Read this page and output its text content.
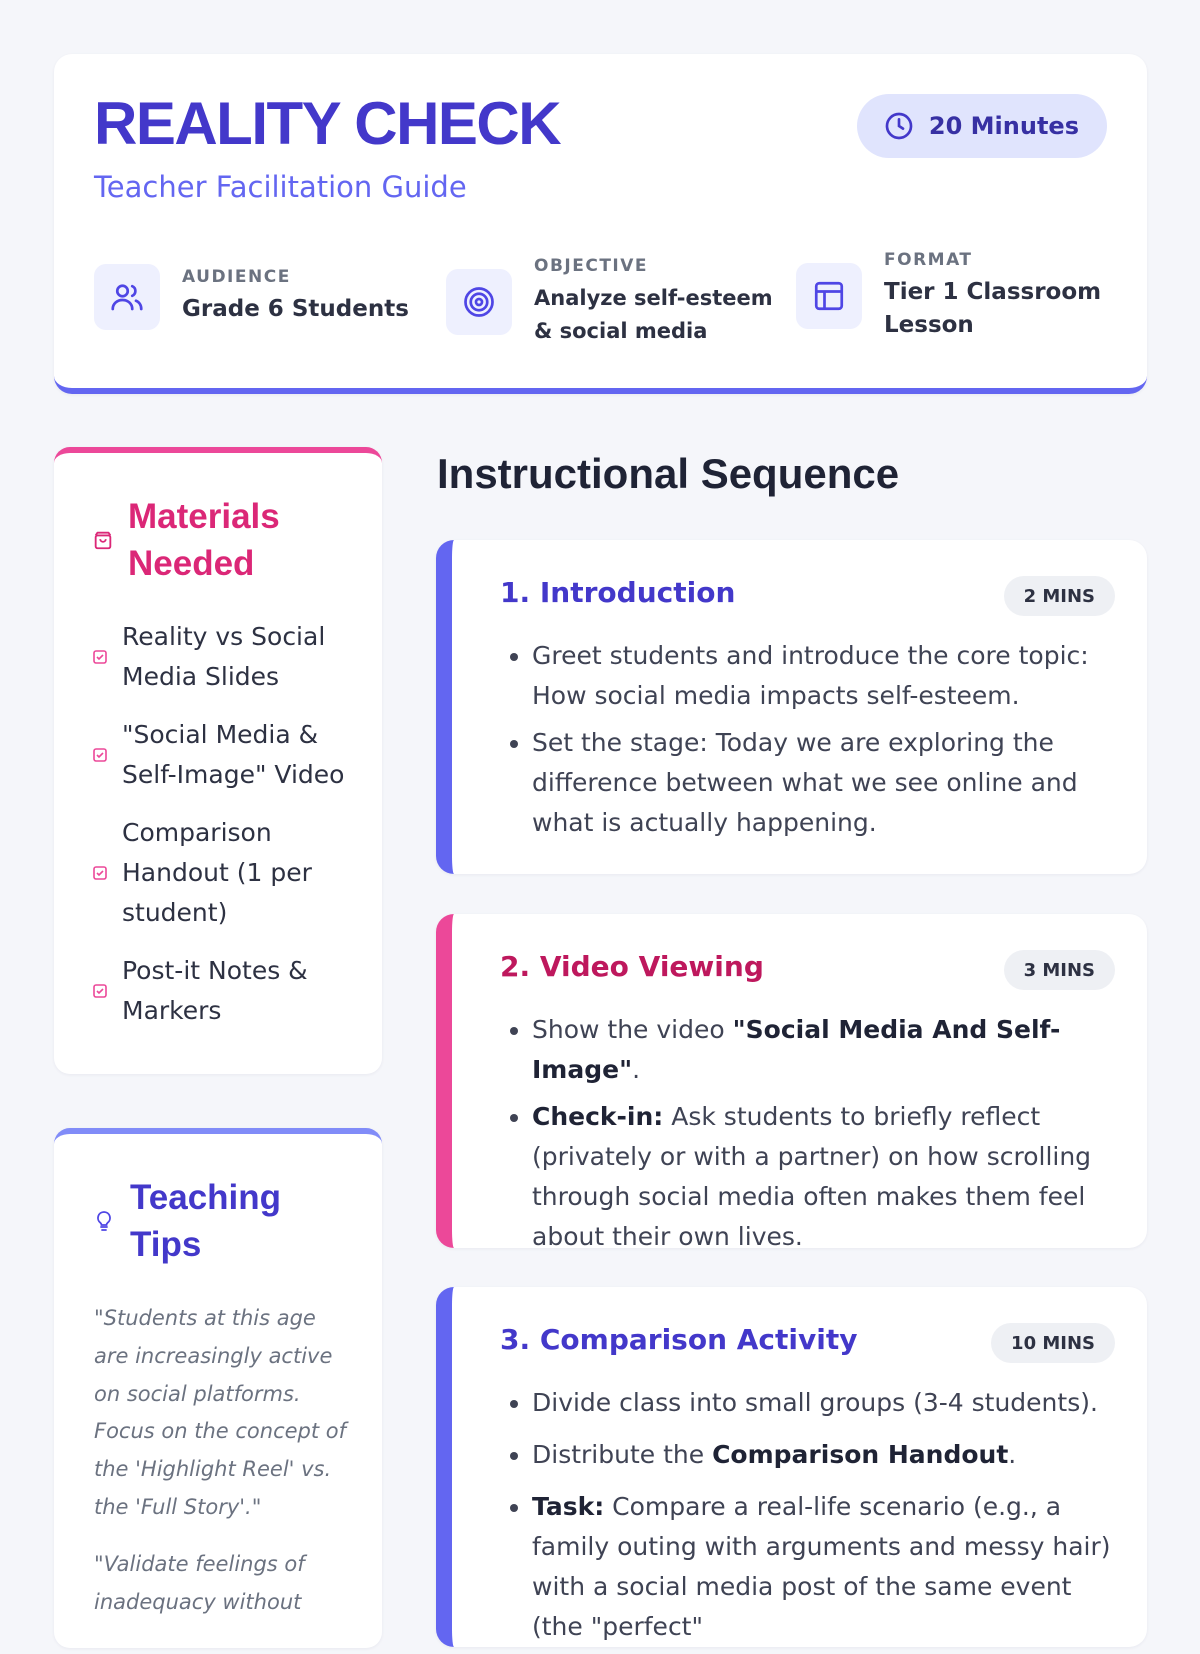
REALITY CHECK
Teacher Facilitation Guide
20 Minutes
AUDIENCE
Grade 6 Students
OBJECTIVE
Analyze self-esteem
& social media
FORMAT
Tier 1 Classroom
Lesson
Materials
Needed
Reality vs Social
Media Slides
"Social Media &
Self-Image" Video
Comparison
Handout (1 per
student)
Post-it Notes &
Markers
Teaching
Tips
"Students at this age
are increasingly active
on social platforms.
Focus on the concept of
the 'Highlight Reel' vs.
the 'Full Story'."
"Validate feelings of
inadequacy without
Instructional Sequence
1. Introduction	2 MINS
• Greet students and introduce the core topic: How social media impacts self-esteem.
• Set the stage: Today we are exploring the difference between what we see online and what is actually happening.
2. Video Viewing	3 MINS
• Show the video "Social Media And Self-Image".
• Check-in: Ask students to briefly reflect (privately or with a partner) on how scrolling through social media often makes them feel about their own lives.
3. Comparison Activity	10 MINS
• Divide class into small groups (3-4 students).
• Distribute the Comparison Handout.
• Task: Compare a real-life scenario (e.g., a family outing with arguments and messy hair) with a social media post of the same event (the "perfect"
